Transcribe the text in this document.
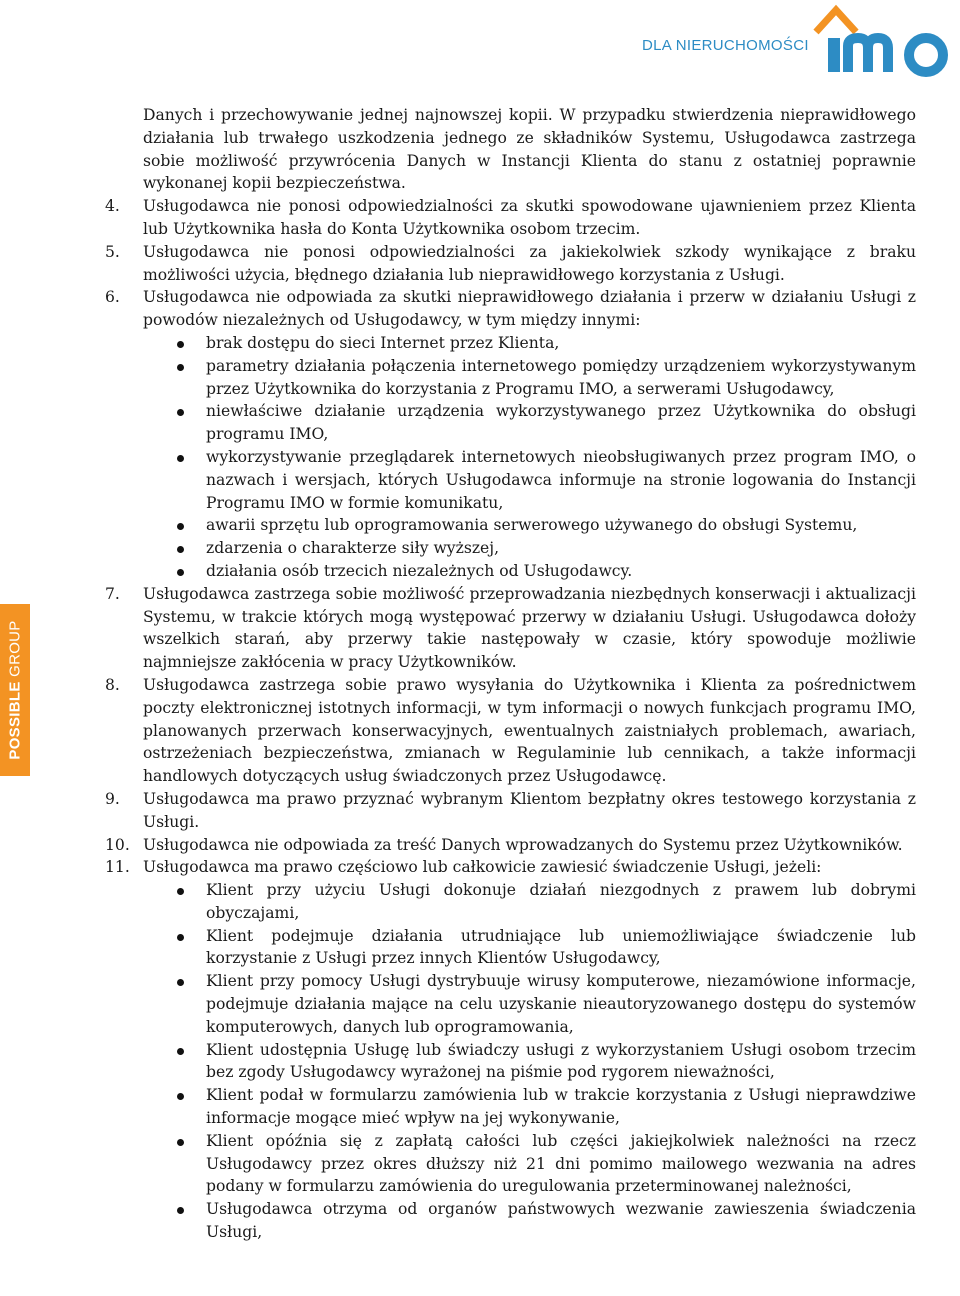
DLA NIERUCHOMOŚCI
POSSIBLE GROUP
Danych i przechowywanie jednej najnowszej kopii. W przypadku stwierdzenia nieprawidłowego działania lub trwałego uszkodzenia jednego ze składników Systemu, Usługodawca zastrzega sobie możliwość przywrócenia Danych w Instancji Klienta do stanu z ostatniej poprawnie wykonanej kopii bezpieczeństwa.
4.	Usługodawca nie ponosi odpowiedzialności za skutki spowodowane ujawnieniem przez Klienta lub Użytkownika hasła do Konta Użytkownika osobom trzecim.
5.	Usługodawca nie ponosi odpowiedzialności za jakiekolwiek szkody wynikające z braku możliwości użycia, błędnego działania lub nieprawidłowego korzystania z Usługi.
6.	Usługodawca nie odpowiada za skutki nieprawidłowego działania i przerw w działaniu Usługi z powodów niezależnych od Usługodawcy, w tym między innymi:
brak dostępu do sieci Internet przez Klienta,
parametry działania połączenia internetowego pomiędzy urządzeniem wykorzystywanym przez Użytkownika do korzystania z Programu IMO, a serwerami Usługodawcy,
niewłaściwe działanie urządzenia wykorzystywanego przez Użytkownika do obsługi programu IMO,
wykorzystywanie przeglądarek internetowych nieobsługiwanych przez program IMO, o nazwach i wersjach, których Usługodawca informuje na stronie logowania do Instancji Programu IMO w formie komunikatu,
awarii sprzętu lub oprogramowania serwerowego używanego do obsługi Systemu,
zdarzenia o charakterze siły wyższej,
działania osób trzecich niezależnych od Usługodawcy.
7.	Usługodawca zastrzega sobie możliwość przeprowadzania niezbędnych konserwacji i aktualizacji Systemu, w trakcie których mogą występować przerwy w działaniu Usługi. Usługodawca dołoży wszelkich starań, aby przerwy takie następowały w czasie, który spowoduje możliwie najmniejsze zakłócenia w pracy Użytkowników.
8.	Usługodawca zastrzega sobie prawo wysyłania do Użytkownika i Klienta za pośrednictwem poczty elektronicznej istotnych informacji, w tym informacji o nowych funkcjach programu IMO, planowanych przerwach konserwacyjnych, ewentualnych zaistniałych problemach, awariach, ostrzeżeniach bezpieczeństwa, zmianach w Regulaminie lub cennikach, a także informacji handlowych dotyczących usług świadczonych przez Usługodawcę.
9.	Usługodawca ma prawo przyznać wybranym Klientom bezpłatny okres testowego korzystania z Usługi.
10. Usługodawca nie odpowiada za treść Danych wprowadzanych do Systemu przez Użytkowników.
11. Usługodawca ma prawo częściowo lub całkowicie zawiesić świadczenie Usługi, jeżeli:
Klient przy użyciu Usługi dokonuje działań niezgodnych z prawem lub dobrymi obyczajami,
Klient podejmuje działania utrudniające lub uniemożliwiające świadczenie lub korzystanie z Usługi przez innych Klientów Usługodawcy,
Klient przy pomocy Usługi dystrybuuje wirusy komputerowe, niezamówione informacje, podejmuje działania mające na celu uzyskanie nieautoryzowanego dostępu do systemów komputerowych, danych lub oprogramowania,
Klient udostępnia Usługę lub świadczy usługi z wykorzystaniem Usługi osobom trzecim bez zgody Usługodawcy wyrażonej na piśmie pod rygorem nieważności,
Klient podał w formularzu zamówienia lub w trakcie korzystania z Usługi nieprawdziwe informacje mogące mieć wpływ na jej wykonywanie,
Klient opóźnia się z zapłatą całości lub części jakiejkolwiek należności na rzecz Usługodawcy przez okres dłuższy niż 21 dni pomimo mailowego wezwania na adres podany w formularzu zamówienia do uregulowania przeterminowanej należności,
Usługodawca otrzyma od organów państwowych wezwanie zawieszenia świadczenia Usługi,
